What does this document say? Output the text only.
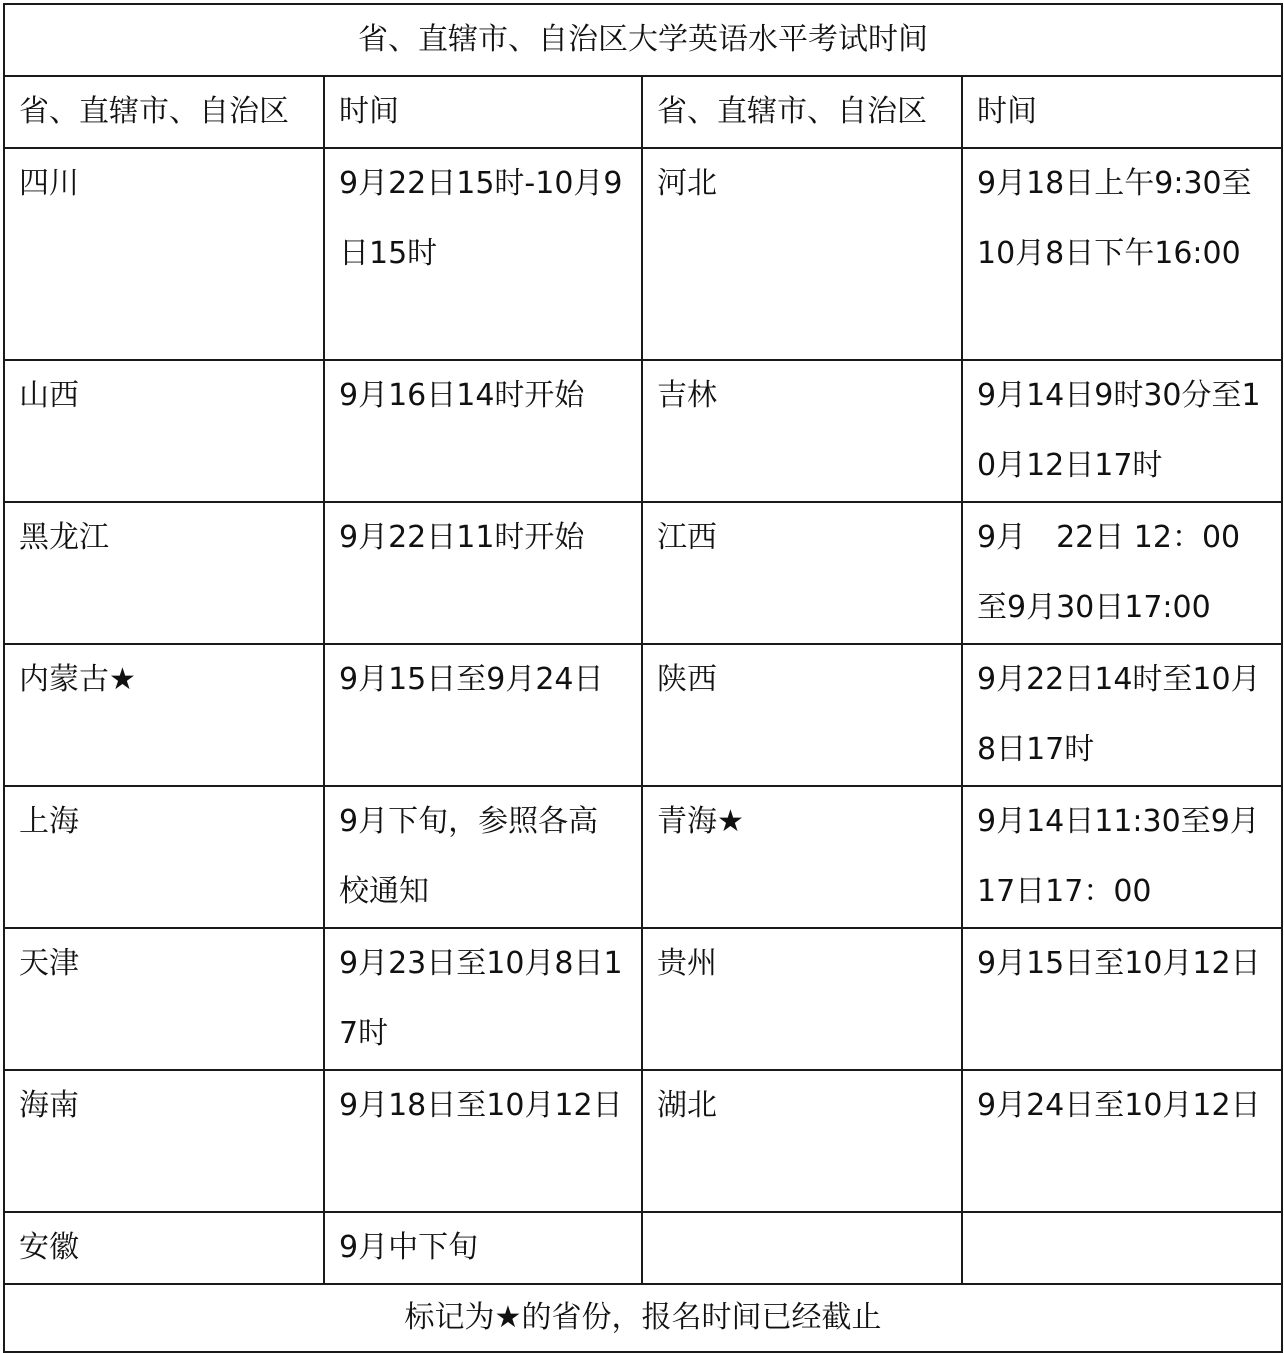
省、直辖市、自治区大学英语水平考试时间			
省、直辖市、自治区	时间	省、直辖市、自治区	时间
四川	9月22日15时-10月9日15时	河北	9月18日上午9:30至10月8日下午16:00
山西	9月16日14时开始	吉林	9月14日9时30分至10月12日17时
黑龙江	9月22日11时开始	江西	9月　22日 12：00至9月30日17:00
内蒙古★	9月15日至9月24日	陕西	9月22日14时至10月8日17时
上海	9月下旬，参照各高校通知	青海★	9月14日11:30至9月17日17：00
天津	9月23日至10月8日17时	贵州	9月15日至10月12日
海南	9月18日至10月12日	湖北	9月24日至10月12日
安徽	9月中下旬		
标记为★的省份，报名时间已经截止			
